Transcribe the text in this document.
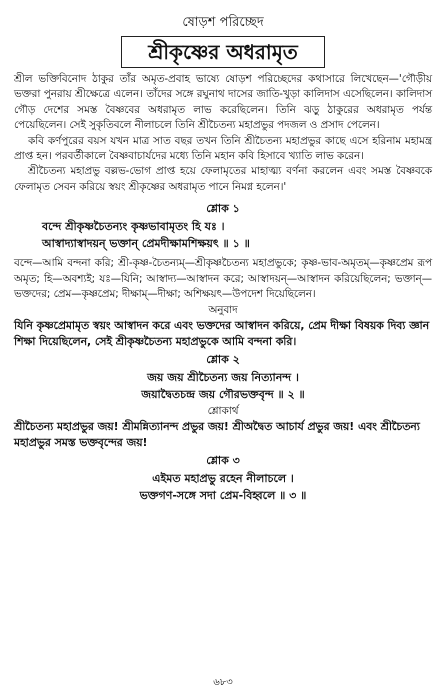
ষোড়শ পরিচ্ছেদ
শ্রীকৃষ্ণের অধরামৃত

শ্রীল ভক্তিবিনোদ ঠাকুর তাঁর অমৃত-প্রবাহ ভাষ্যে ষোড়শ পরিচ্ছেদের কথাসারে লিখেছেন—'গৌড়ীয় ভক্তরা পুনরায় শ্রীক্ষেত্রে এলেন। তাঁদের সঙ্গে রঘুনাথ দাসের জাতি-খুড়া কালিদাস এসেছিলেন। কালিদাস গৌড় দেশের সমস্ত বৈষ্ণবের অধরামৃত লাভ করেছিলেন। তিনি ঝড়ু ঠাকুরের অধরামৃত পর্যন্ত পেয়েছিলেন। সেই সুকৃতিবলে নীলাচলে তিনি শ্রীচৈতন্য মহাপ্রভুর পদজল ও প্রসাদ পেলেন।

কবি কর্ণপুরের বয়স যখন মাত্র সাত বছর তখন তিনি শ্রীচৈতন্য মহাপ্রভুর কাছে এসে হরিনাম মহামন্ত্র প্রাপ্ত হন। পরবর্তীকালে বৈষ্ণবাচার্যদের মধ্যে তিনি মহান কবি হিসাবে খ্যাতি লাভ করেন।

শ্রীচৈতন্য মহাপ্রভু বল্লভ-ভোগ প্রাপ্ত হয়ে ফেলামৃতের মাহাত্ম্য বর্ণনা করলেন এবং সমস্ত বৈষ্ণবকে ফেলামৃত সেবন করিয়ে স্বয়ং শ্রীকৃষ্ণের অধরামৃত পানে নিমগ্ন হলেন।'

শ্লোক ১

বন্দে শ্রীকৃষ্ণচৈতন্যং কৃষ্ণভাবামৃতং হি যঃ ।

আস্বাদ্যাস্বাদয়ন্ ভক্তান্ প্রেমদীক্ষামশিক্ষয়ৎ ॥ ১ ॥

বন্দে—আমি বন্দনা করি; শ্রী-কৃষ্ণ-চৈতন্যম্—শ্রীকৃষ্ণচৈতন্য মহাপ্রভুকে; কৃষ্ণ-ভাব-অমৃতম্—কৃষ্ণপ্রেম রূপ অমৃত; হি—অবশ্যই; যঃ—যিনি; আস্বাদ্য—আস্বাদন করে; আস্বাদয়ন্—আস্বাদন করিয়েছিলেন; ভক্তান্—ভক্তদের; প্রেম—কৃষ্ণপ্রেম; দীক্ষাম্—দীক্ষা; অশিক্ষয়ৎ—উপদেশ দিয়েছিলেন।

অনুবাদ

যিনি কৃষ্ণপ্রেমামৃত স্বয়ং আস্বাদন করে এবং ভক্তদের আস্বাদন করিয়ে, প্রেম দীক্ষা বিষয়ক দিব্য জ্ঞান শিক্ষা দিয়েছিলেন, সেই শ্রীকৃষ্ণচৈতন্য মহাপ্রভুকে আমি বন্দনা করি।

শ্লোক ২

জয় জয় শ্রীচৈতন্য জয় নিত্যানন্দ ।

জয়াদ্বৈতচন্দ্র জয় গৌরভক্তবৃন্দ ॥ ২ ॥

শ্লোকার্থ

শ্রীচৈতন্য মহাপ্রভুর জয়! শ্রীমন্নিত্যানন্দ প্রভুর জয়! শ্রীঅদ্বৈত আচার্য প্রভুর জয়! এবং শ্রীচৈতন্য মহাপ্রভুর সমস্ত ভক্তবৃন্দের জয়!

শ্লোক ৩

এইমত মহাপ্রভু রহেন নীলাচলে ।

ভক্তগণ-সঙ্গে সদা প্রেম-বিহ্বলে ॥ ৩ ॥

৬৮৩
